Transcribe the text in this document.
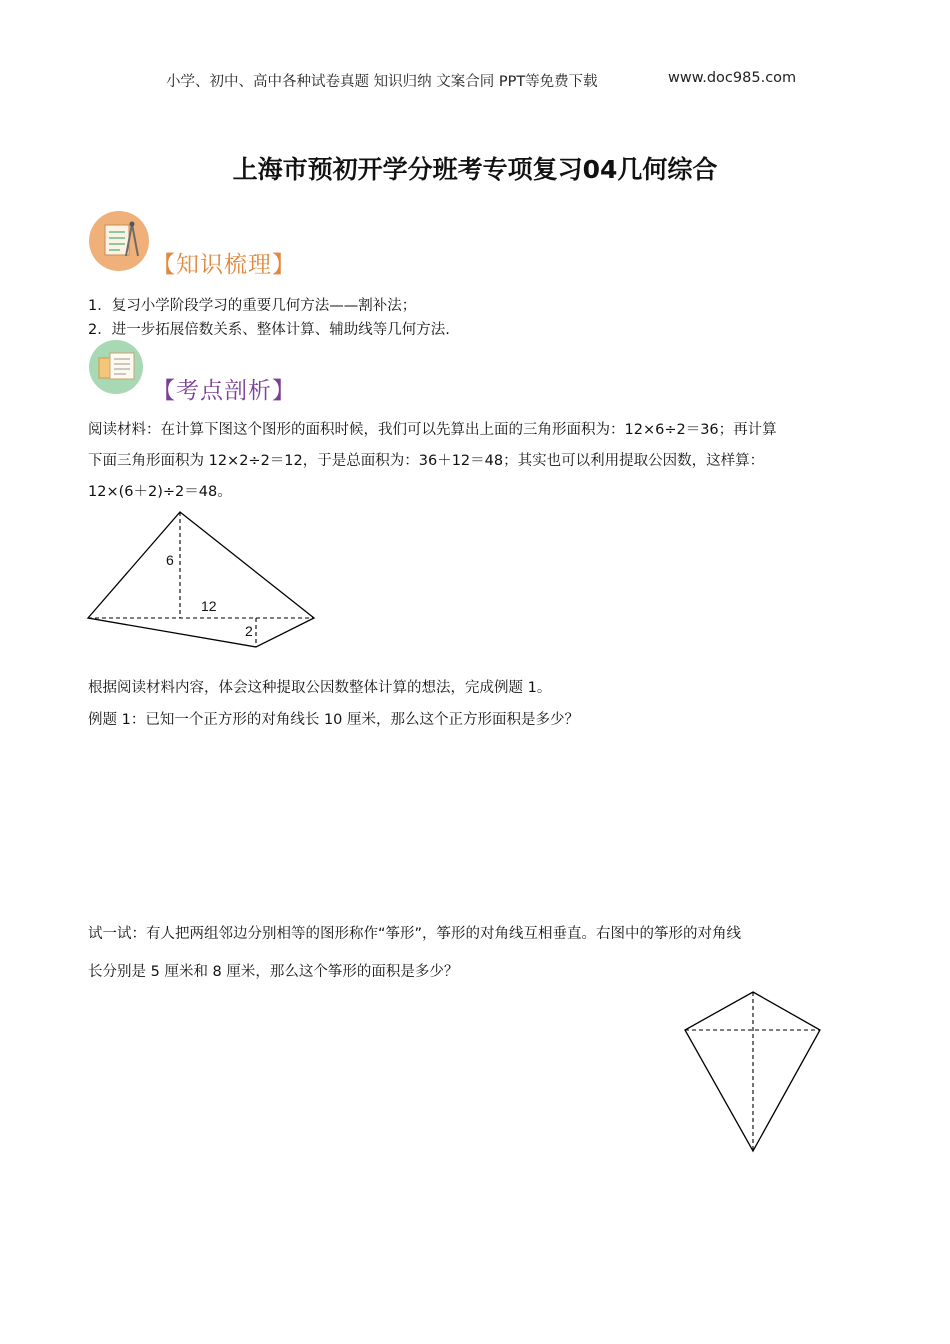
小学、初中、高中各种试卷真题 知识归纳 文案合同 PPT等免费下载	www.doc985.com
上海市预初开学分班考专项复习04几何综合
【知识梳理】
1．复习小学阶段学习的重要几何方法——割补法；
2．进一步拓展倍数关系、整体计算、辅助线等几何方法.
【考点剖析】
阅读材料：在计算下图这个图形的面积时候，我们可以先算出上面的三角形面积为：12×6÷2＝36；再计算
下面三角形面积为 12×2÷2＝12，于是总面积为：36＋12＝48；其实也可以利用提取公因数，这样算：
12×(6＋2)÷2＝48。
6
12
2
根据阅读材料内容，体会这种提取公因数整体计算的想法，完成例题 1。
例题 1：已知一个正方形的对角线长 10 厘米，那么这个正方形面积是多少？
试一试：有人把两组邻边分别相等的图形称作“筝形”，筝形的对角线互相垂直。右图中的筝形的对角线
长分别是 5 厘米和 8 厘米，那么这个筝形的面积是多少？
